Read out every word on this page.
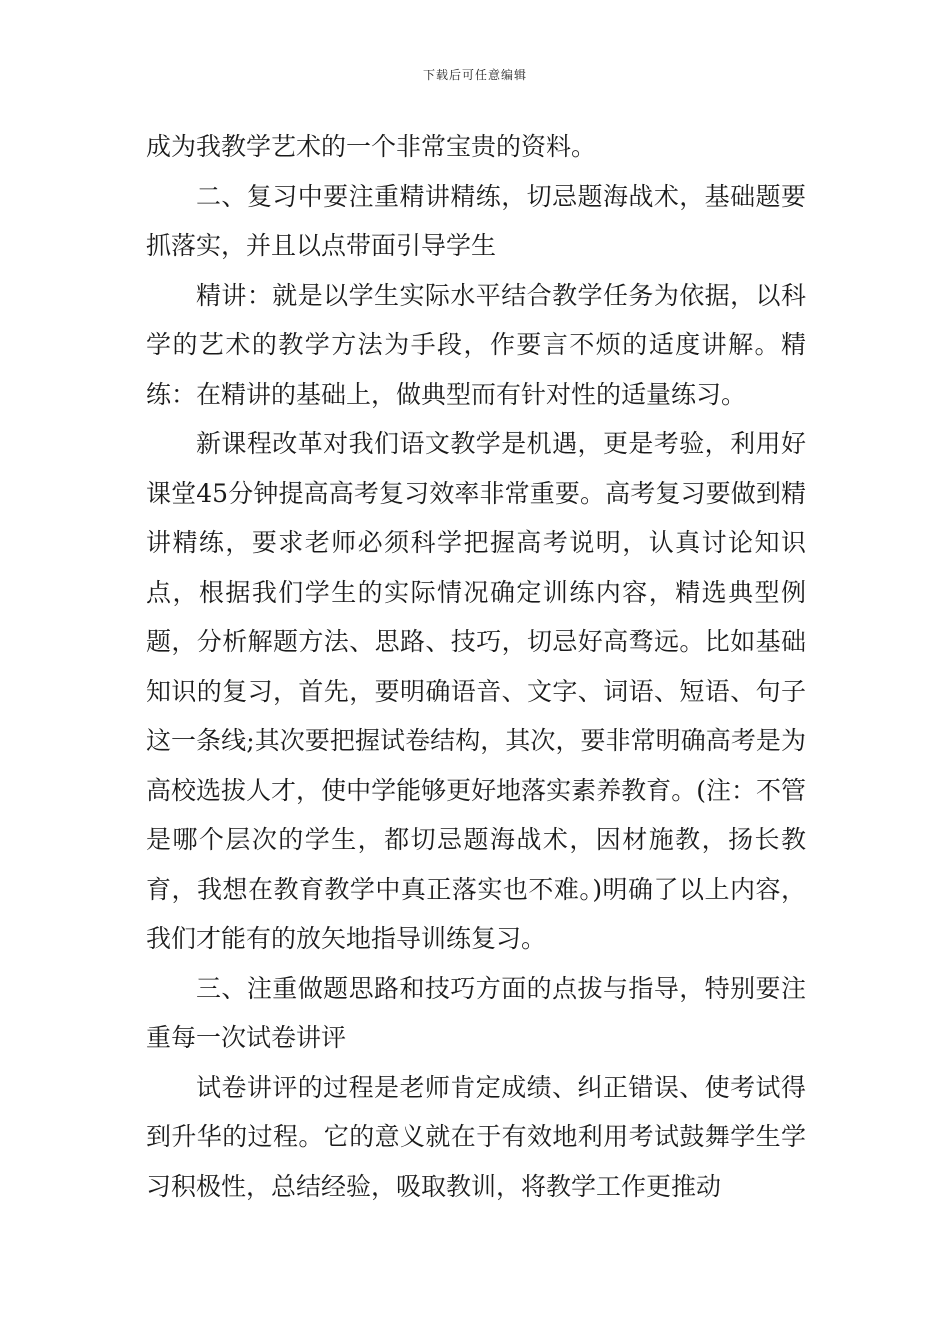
下载后可任意编辑

成为我教学艺术的一个非常宝贵的资料。

二、复习中要注重精讲精练，切忌题海战术，基础题要抓落实，并且以点带面引导学生

精讲：就是以学生实际水平结合教学任务为依据，以科学的艺术的教学方法为手段，作要言不烦的适度讲解。精练：在精讲的基础上，做典型而有针对性的适量练习。

新课程改革对我们语文教学是机遇，更是考验，利用好课堂45分钟提高高考复习效率非常重要。高考复习要做到精讲精练，要求老师必须科学把握高考说明，认真讨论知识点，根据我们学生的实际情况确定训练内容，精选典型例题，分析解题方法、思路、技巧，切忌好高骛远。比如基础知识的复习，首先，要明确语音、文字、词语、短语、句子这一条线;其次要把握试卷结构，其次，要非常明确高考是为高校选拔人才，使中学能够更好地落实素养教育。(注：不管是哪个层次的学生，都切忌题海战术，因材施教，扬长教育，我想在教育教学中真正落实也不难。)明确了以上内容，我们才能有的放矢地指导训练复习。

三、注重做题思路和技巧方面的点拔与指导，特别要注重每一次试卷讲评

试卷讲评的过程是老师肯定成绩、纠正错误、使考试得到升华的过程。它的意义就在于有效地利用考试鼓舞学生学习积极性，总结经验，吸取教训，将教学工作更推动
